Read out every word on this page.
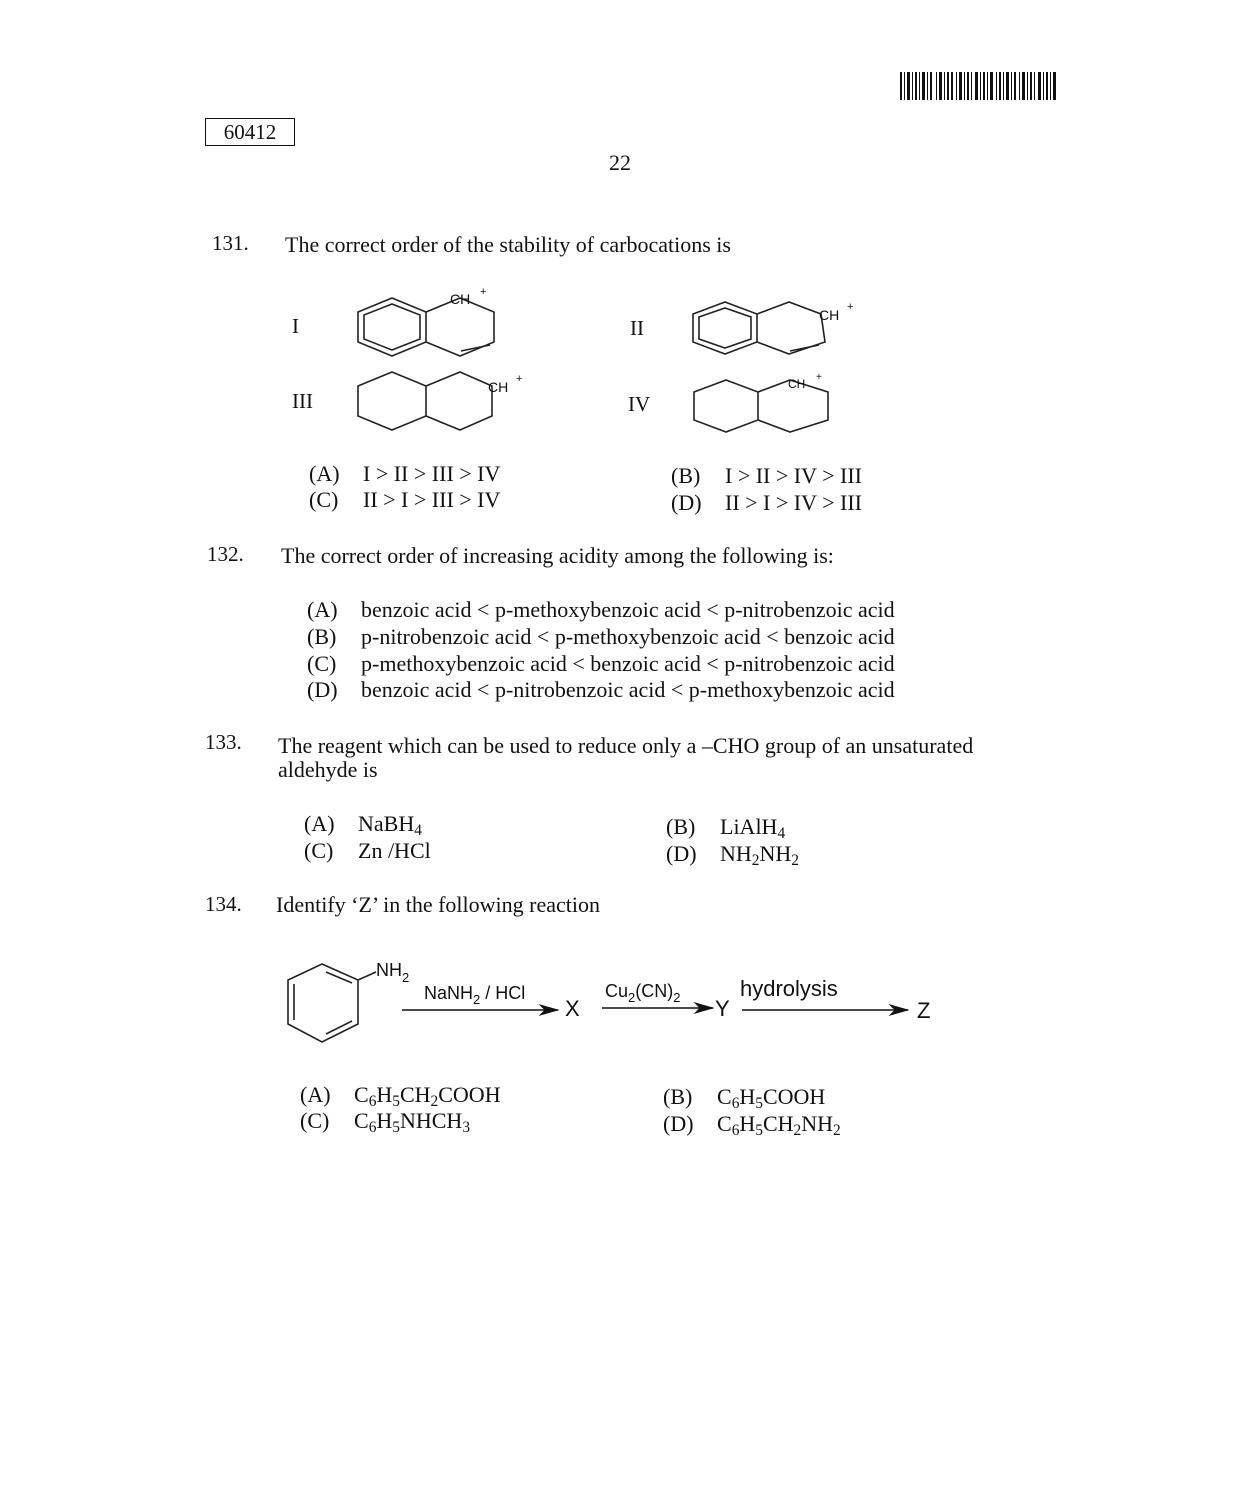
60412
22
131. The correct order of the stability of carbocations is
I	II
III	IV
CH +
CH +
CH +	CH +
(A) I > II > III > IV	(B) I > II > IV > III
(C) II > I > III > IV	(D) II > I > IV > III
132. The correct order of increasing acidity among the following is:
(A) benzoic acid < p-methoxybenzoic acid < p-nitrobenzoic acid
(B) p-nitrobenzoic acid < p-methoxybenzoic acid < benzoic acid
(C) p-methoxybenzoic acid < benzoic acid < p-nitrobenzoic acid
(D) benzoic acid < p-nitrobenzoic acid < p-methoxybenzoic acid
133. The reagent which can be used to reduce only a –CHO group of an unsaturated
aldehyde is
(A) NaBH$_4$	(B) LiAlH$_4$
(C) Zn /HCl	(D) $NH_2NH_2$
134. Identify ‘Z’ in the following reaction
$NH_2$
NaNH$_2$ / HCl
X
$Cu_2(CN)_2$ Y
hydrolysis
Z
(A) $C_6H_5CH_2COOH$	(B) $C_6H_5COOH$
(C) $C_6H_5NHCH_3$	(D) $C_6H_5CH_2NH_2$
